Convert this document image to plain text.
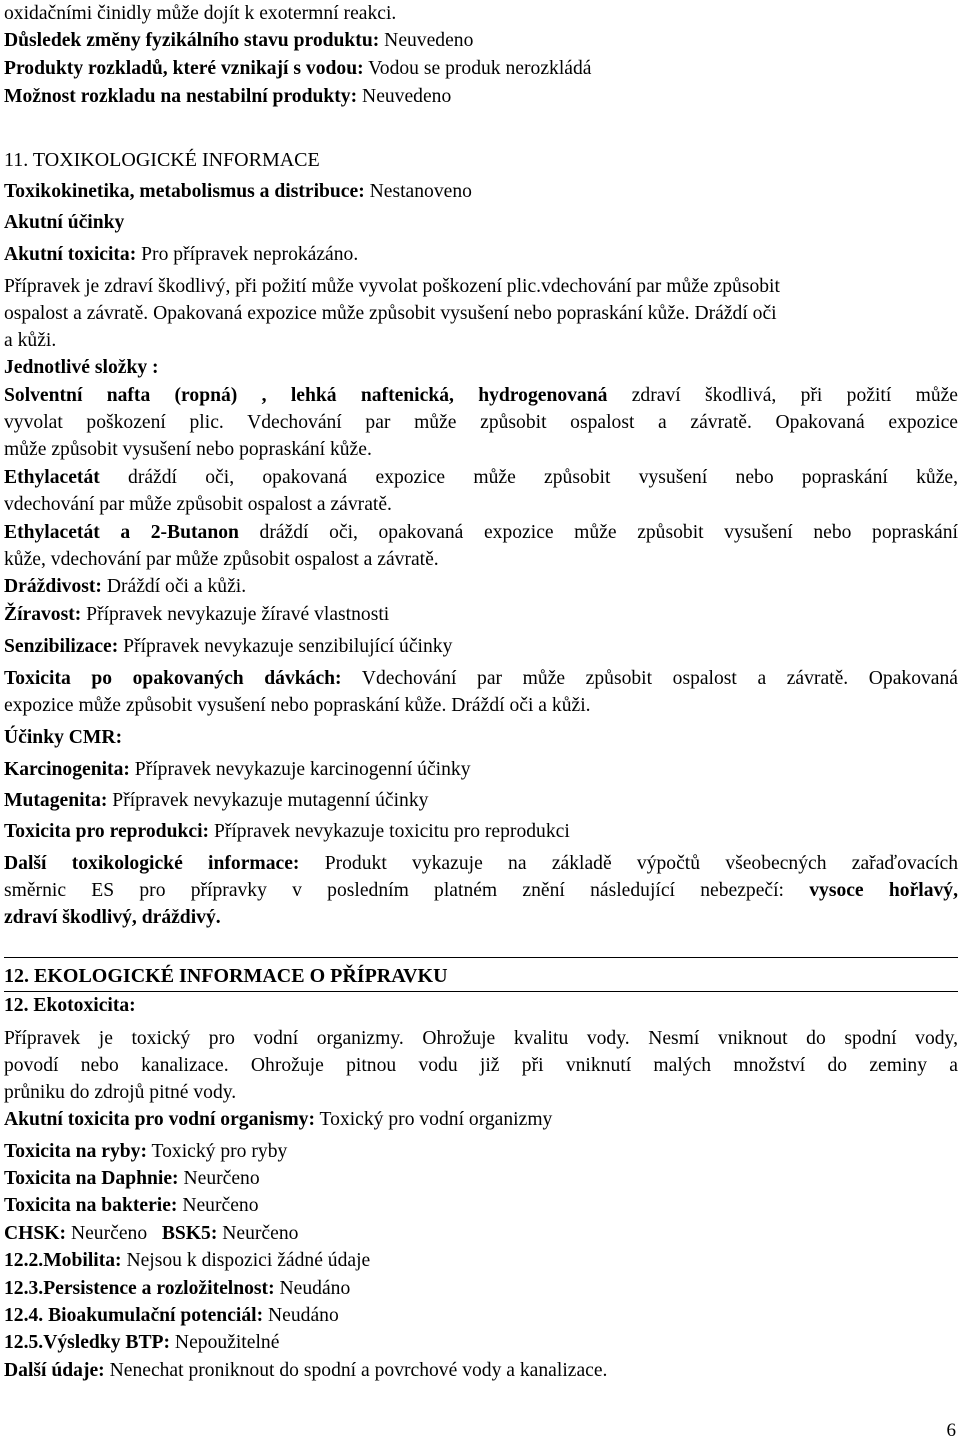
oxidačními činidly může dojít k exotermní reakci.
Důsledek změny fyzikálního stavu produktu: Neuvedeno
Produkty rozkladů, které vznikají s vodou: Vodou se produk nerozkládá
Možnost rozkladu na nestabilní produkty: Neuvedeno
11. TOXIKOLOGICKÉ INFORMACE
Toxikokinetika, metabolismus a distribuce: Nestanoveno
Akutní účinky
Akutní toxicita: Pro přípravek neprokázáno.
Přípravek je zdraví škodlivý, při požití může vyvolat poškození plic.vdechování par může způsobit
ospalost a závratě. Opakovaná expozice může způsobit vysušení nebo popraskání kůže. Dráždí oči
a kůži.
Jednotlivé složky :
Solventní nafta (ropná) , lehká naftenická, hydrogenovaná zdraví škodlivá, při požití může
vyvolat poškození plic. Vdechování par může způsobit ospalost a závratě. Opakovaná expozice
může způsobit vysušení nebo popraskání kůže.
Ethylacetát dráždí oči, opakovaná expozice může způsobit vysušení nebo popraskání kůže,
vdechování par může způsobit ospalost a závratě.
Ethylacetát a 2-Butanon dráždí oči, opakovaná expozice může způsobit vysušení nebo popraskání
kůže, vdechování par může způsobit ospalost a závratě.
Dráždivost: Dráždí oči a kůži.
Žíravost: Přípravek nevykazuje žíravé vlastnosti
Senzibilizace: Přípravek nevykazuje senzibilující účinky
Toxicita po opakovaných dávkách: Vdechování par může způsobit ospalost a závratě. Opakovaná
expozice může způsobit vysušení nebo popraskání kůže. Dráždí oči a kůži.
Účinky CMR:
Karcinogenita: Přípravek nevykazuje karcinogenní účinky
Mutagenita: Přípravek nevykazuje mutagenní účinky
Toxicita pro reprodukci: Přípravek nevykazuje toxicitu pro reprodukci
Další toxikologické informace: Produkt vykazuje na základě výpočtů všeobecných zařaďovacích
směrnic ES pro přípravky v posledním platném znění následující nebezpečí: vysoce hořlavý,
zdraví škodlivý, dráždivý.
12. EKOLOGICKÉ INFORMACE O PŘÍPRAVKU
12. Ekotoxicita:
Přípravek je toxický pro vodní organizmy. Ohrožuje kvalitu vody. Nesmí vniknout do spodní vody,
povodí nebo kanalizace. Ohrožuje pitnou vodu již při vniknutí malých množství do zeminy a
průniku do zdrojů pitné vody.
Akutní toxicita pro vodní organismy: Toxický pro vodní organizmy
Toxicita na ryby: Toxický pro ryby
Toxicita na Daphnie: Neurčeno
Toxicita na bakterie: Neurčeno
CHSK: Neurčeno BSK5: Neurčeno
12.2.Mobilita: Nejsou k dispozici žádné údaje
12.3.Persistence a rozložitelnost: Neudáno
12.4. Bioakumulační potenciál: Neudáno
12.5.Výsledky BTP: Nepoužitelné
Další údaje: Nenechat proniknout do spodní a povrchové vody a kanalizace.
6
